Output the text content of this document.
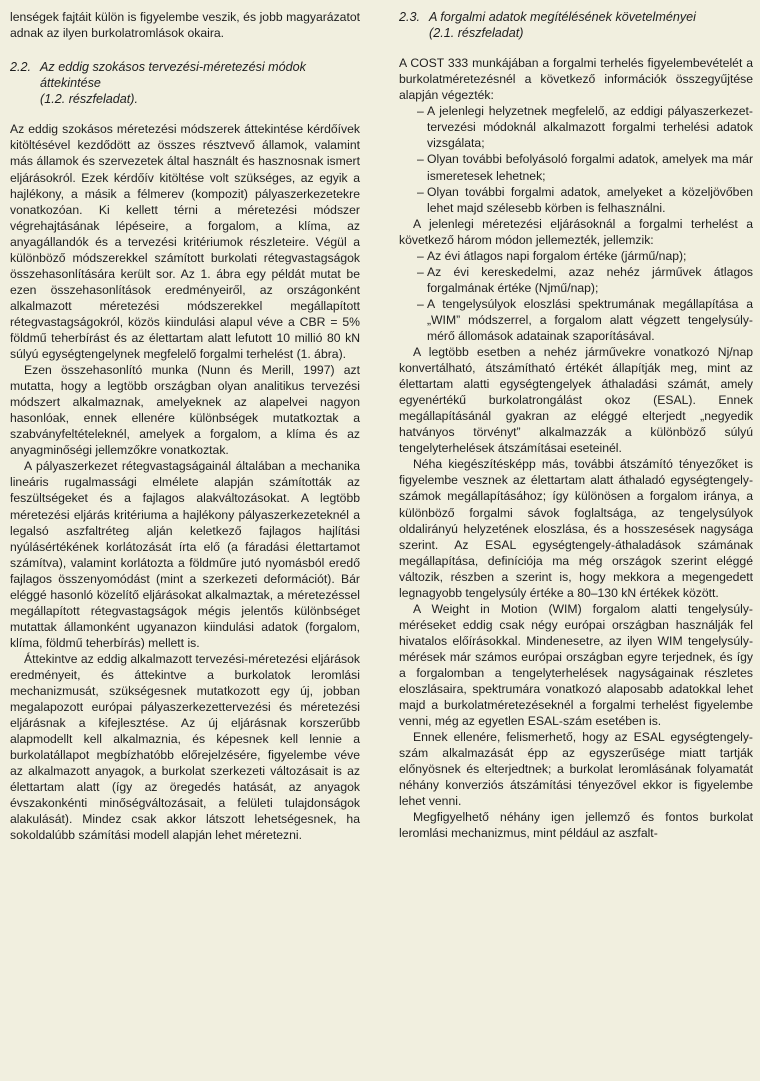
lenségek fajtáit külön is figyelembe veszik, és jobb magyarázatot adnak az ilyen burkolatromlások okaira.

2.2. Az eddig szokásos tervezési-méretezési módok áttekintése
(1.2. részfeladat).

Az eddig szokásos méretezési módszerek áttekintése kérdőívek kitöltésével kezdődött az összes résztvevő államok, valamint más államok és szervezetek által használt és hasznosnak ismert eljárásokról. Ezek kérdőív kitöltése volt szükséges, az egyik a hajlékony, a másik a félmerev (kompozit) pályaszerkezetekre vonatkozóan. Ki kellett térni a méretezési módszer végrehajtásának lépéseire, a forgalom, a klíma, az anyagállandók és a tervezési kritériumok részleteire. Végül a különböző módszerekkel számított burkolati rétegvastagságok összehasonlítására került sor. Az 1. ábra egy példát mutat be ezen összehasonlítások eredményeiről, az országonként alkalmazott méretezési módszerekkel megállapított rétegvastagságokról, közös kiindulási alapul véve a CBR = 5% földmű teherbírást és az élettartam alatt lefutott 10 millió 80 kN súlyú egységtengelynek megfelelő forgalmi terhelést (1. ábra).

Ezen összehasonlító munka (Nunn és Merill, 1997) azt mutatta, hogy a legtöbb országban olyan analitikus tervezési módszert alkalmaznak, amelyeknek az alapelvei nagyon hasonlóak, ennek ellenére különbségek mutatkoztak a szabványfeltételeknél, amelyek a forgalom, a klíma és az anyagminőségi jellemzőkre vonatkoztak.

A pályaszerkezet rétegvastagságainál általában a mechanika lineáris rugalmassági elmélete alapján számították az feszültségeket és a fajlagos alakváltozásokat. A legtöbb méretezési eljárás kritériuma a hajlékony pályaszerkezeteknél a legalsó aszfaltréteg alján keletkező fajlagos hajlítási nyúlásértékének korlátozását írta elő (a fáradási élettartamot számítva), valamint korlátozta a földműre jutó nyomásból eredő fajlagos összenyomódást (mint a szerkezeti deformációt). Bár eléggé hasonló közelítő eljárásokat alkalmaztak, a méretezéssel megállapított rétegvastagságok mégis jelentős különbséget mutattak államonként ugyanazon kiindulási adatok (forgalom, klíma, földmű teherbírás) mellett is.

Áttekintve az eddig alkalmazott tervezési-méretezési eljárások eredményeit, és áttekintve a burkolatok leromlási mechanizmusát, szükségesnek mutatkozott egy új, jobban megalapozott európai pályaszerkezettervezési és méretezési eljárásnak a kifejlesztése. Az új eljárásnak korszerűbb alapmodellt kell alkalmaznia, és képesnek kell lennie a burkolatállapot megbízhatóbb előrejelzésére, figyelembe véve az alkalmazott anyagok, a burkolat szerkezeti változásait is az élettartam alatt (így az öregedés hatását, az anyagok évszakonkénti minőségváltozásait, a felületi tulajdonságok alakulását). Mindez csak akkor látszott lehetségesnek, ha sokoldalúbb számítási modell alapján lehet méretezni.

2.3. A forgalmi adatok megítélésének követelményei
(2.1. részfeladat)

A COST 333 munkájában a forgalmi terhelés figyelembevételét a burkolatméretezésnél a következő információk összegyűjtése alapján végezték:

– A jelenlegi helyzetnek megfelelő, az eddigi pályaszerkezet-tervezési módoknál alkalmazott forgalmi terhelési adatok vizsgálata;
– Olyan további befolyásoló forgalmi adatok, amelyek ma már ismeretesek lehetnek;
– Olyan további forgalmi adatok, amelyeket a közeljövőben lehet majd szélesebb körben is felhasználni.

A jelenlegi méretezési eljárásoknál a forgalmi terhelést a következő három módon jellemezték, jellemzik:

– Az évi átlagos napi forgalom értéke (jármű/nap);
– Az évi kereskedelmi, azaz nehéz járművek átlagos forgalmának értéke (Njmű/nap);
– A tengelysúlyok eloszlási spektrumának megállapítása a „WIM” módszerrel, a forgalom alatt végzett tengelysúly-mérő állomások adatainak szaporításával.

A legtöbb esetben a nehéz járművekre vonatkozó Nj/nap konvertálható, átszámítható értékét állapítják meg, mint az élettartam alatti egységtengelyek áthaladási számát, amely egyenértékű burkolatrongálást okoz (ESAL). Ennek megállapításánál gyakran az eléggé elterjedt „negyedik hatványos törvényt” alkalmazzák a különböző súlyú tengelyterhelések átszámításai eseteinél.

Néha kiegészítésképp más, további átszámító tényezőket is figyelembe vesznek az élettartam alatt áthaladó egységtengely-számok megállapításához; így különösen a forgalom iránya, a különböző forgalmi sávok foglaltsága, az tengelysúlyok oldalirányú helyzetének eloszlása, és a hosszesések nagysága szerint. Az ESAL egységtengely-áthaladások számának megállapítása, definíciója ma még országok szerint eléggé változik, részben a szerint is, hogy mekkora a megengedett legnagyobb tengelysúly értéke a 80–130 kN értékek között.

A Weight in Motion (WIM) forgalom alatti tengelysúly-méréseket eddig csak négy európai országban használják fel hivatalos előírásokkal. Mindenesetre, az ilyen WIM tengelysúly-mérések már számos európai országban egyre terjednek, és így a forgalomban a tengelyterhelések nagyságainak részletes eloszlásaira, spektrumára vonatkozó alaposabb adatokkal lehet majd a burkolatméretezéseknél a forgalmi terhelést figyelembe venni, még az egyetlen ESAL-szám esetében is.

Ennek ellenére, felismerhető, hogy az ESAL egységtengely-szám alkalmazását épp az egyszerűsége miatt tartják előnyösnek és elterjedtnek; a burkolat leromlásának folyamatát néhány konverziós átszámítási tényezővel ekkor is figyelembe lehet venni.

Megfigyelhető néhány igen jellemző és fontos burkolat leromlási mechanizmus, mint például az aszfalt-
